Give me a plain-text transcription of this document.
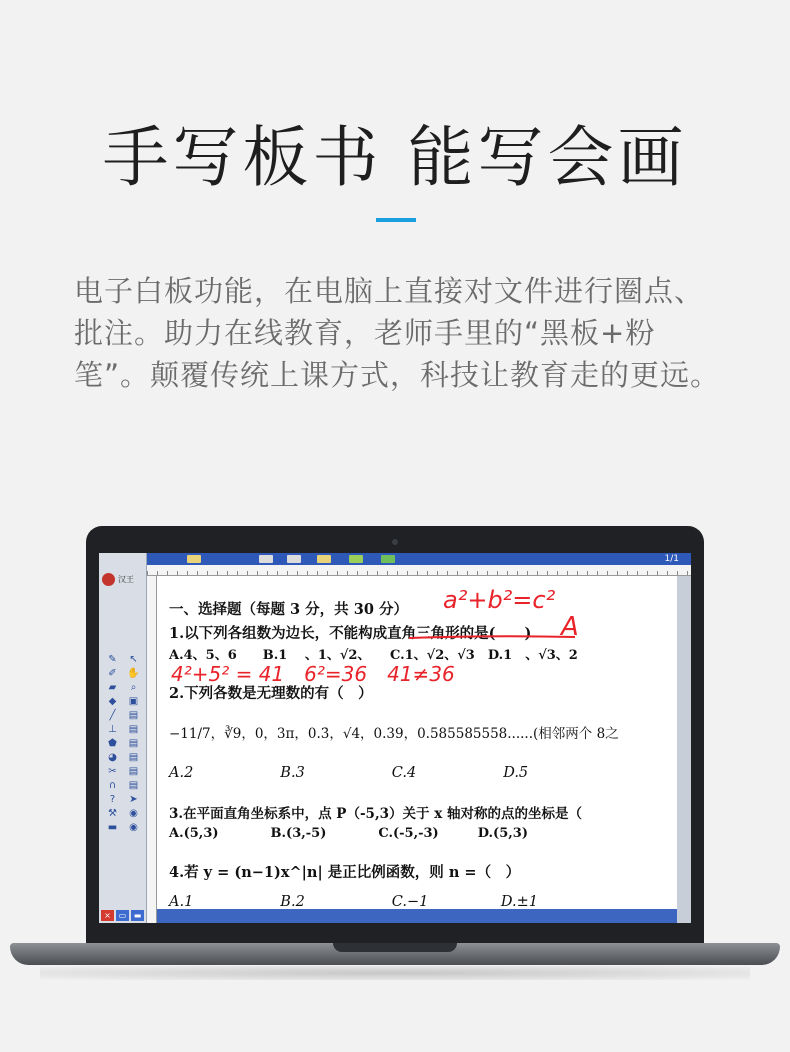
手写板书 能写会画
电子白板功能，在电脑上直接对文件进行圈点、批注。助力在线教育，老师手里的“黑板+粉笔”。颠覆传统上课方式，科技让教育走的更远。
汉王
✎	↖
✐	✋
▰	⌕
◆	▣
╱	▤
⊥	▤
⬟	▤
◕	▤
✂	▤
∩	▤
?	➤
⚒	◉
▬	◉
× ▭ ▬
1/1
一、选择题（每题 3 分，共 30 分）
1.以下列各组数为边长，不能构成直角三角形的是(　　)
A.4、5、6　　B.1　 、1、√2、　　C.1、√2、√3　D.1　、√3、2
2.下列各数是无理数的有（　）
−11/7，∛9，0，3π，0.3̇，√4，0.39，0.585585558......(相邻两个 8之
A.2　　　　　　B.3　　　　　　C.4　　　　　　D.5
3.在平面直角坐标系中，点 P（-5,3）关于 x 轴对称的点的坐标是（
A.(5,3)　　　　B.(3,-5)　　　　C.(-5,-3)　　　D.(5,3)
4.若 y = (n−1)x^|n| 是正比例函数，则 n =（　）
A.1　　　　　　B.2　　　　　　C.−1　　　　　D.±1
a²+b²=c²
A
4²+5² = 41　6²=36　41≠36
